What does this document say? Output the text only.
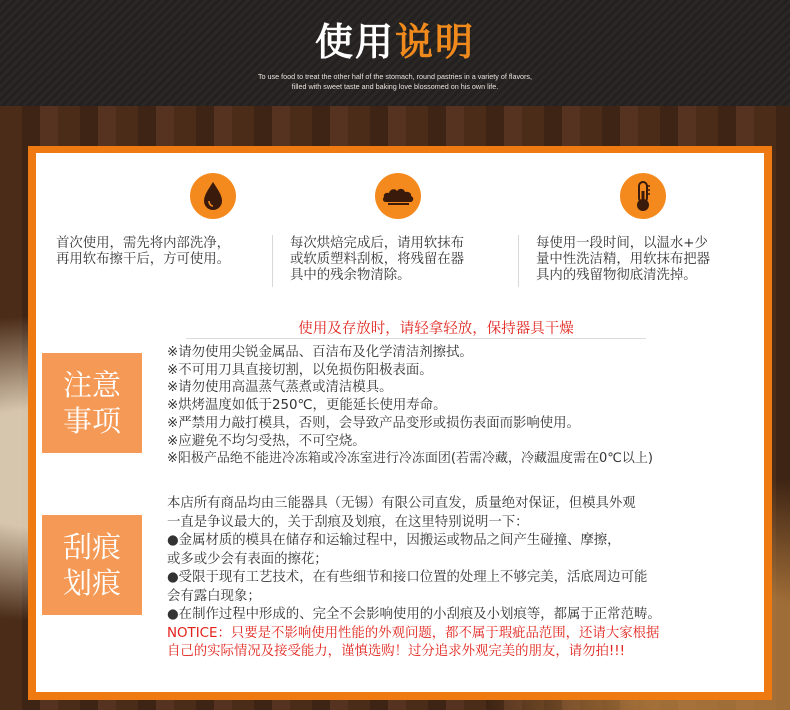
使用说明
To use food to treat the other half of the stomach, round pastries in a variety of flavors,
filled with sweet taste and baking love blossomed on his own life.
首次使用，需先将内部洗净，
再用软布擦干后，方可使用。
每次烘焙完成后，请用软抹布
或软质塑料刮板，将残留在器
具中的残余物清除。
每使用一段时间，以温水+少
量中性洗洁精，用软抹布把器
具内的残留物彻底清洗掉。
使用及存放时，请轻拿轻放，保持器具干燥
注意
事项
※请勿使用尖锐金属品、百洁布及化学清洁剂擦拭。
※不可用刀具直接切割，以免损伤阳极表面。
※请勿使用高温蒸气蒸煮或清洁模具。
※烘烤温度如低于250℃，更能延长使用寿命。
※严禁用力敲打模具，否则，会导致产品变形或损伤表面而影响使用。
※应避免不均匀受热，不可空烧。
※阳极产品绝不能进冷冻箱或冷冻室进行冷冻面团(若需冷藏，冷藏温度需在0℃以上)
刮痕
划痕
本店所有商品均由三能器具（无锡）有限公司直发，质量绝对保证，但模具外观
一直是争议最大的，关于刮痕及划痕，在这里特别说明一下：
●金属材质的模具在储存和运输过程中，因搬运或物品之间产生碰撞、摩擦，
或多或少会有表面的擦花；
●受限于现有工艺技术，在有些细节和接口位置的处理上不够完美，活底周边可能
会有露白现象；
●在制作过程中形成的、完全不会影响使用的小刮痕及小划痕等，都属于正常范畴。
NOTICE：只要是不影响使用性能的外观问题，都不属于瑕疵品范围，还请大家根据
自己的实际情况及接受能力，谨慎选购！过分追求外观完美的朋友，请勿拍!!!
